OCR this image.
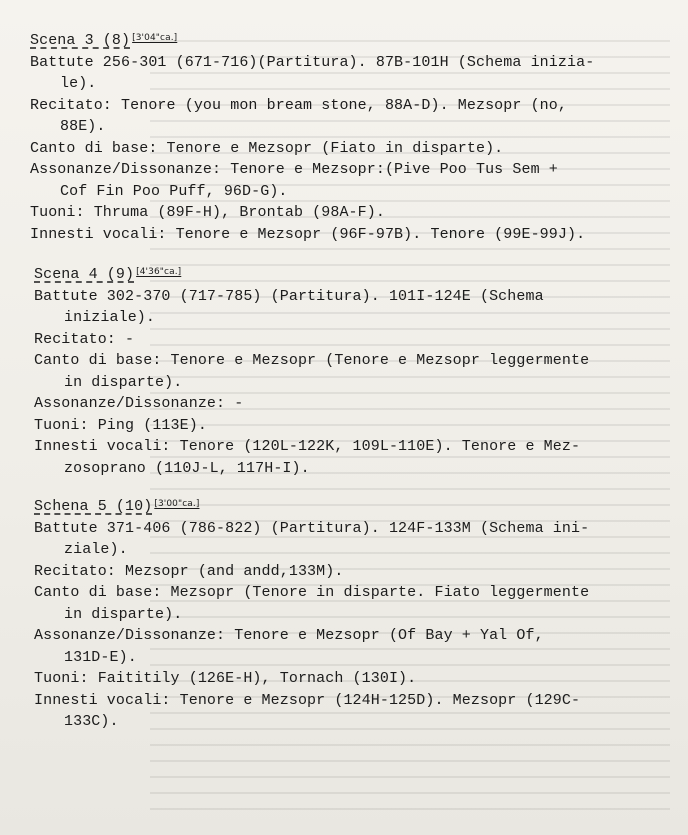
Scena 3 (8) [3'04"ca.]
Battute 256-301 (671-716)(Partitura). 87B-101H (Schema inizia-
le).
Recitato: Tenore (you mon bream stone, 88A-D). Mezsopr (no,
88E).
Canto di base: Tenore e Mezsopr (Fiato in disparte).
Assonanze/Dissonanze: Tenore e Mezsopr:(Pive Poo Tus Sem +
Cof Fin Poo Puff, 96D-G).
Tuoni: Thruma (89F-H), Brontab (98A-F).
Innesti vocali: Tenore e Mezsopr (96F-97B). Tenore (99E-99J).
Scena 4 (9) [4'36"ca.]
Battute 302-370 (717-785) (Partitura). 101I-124E (Schema
iniziale).
Recitato: -
Canto di base: Tenore e Mezsopr (Tenore e Mezsopr leggermente
in disparte).
Assonanze/Dissonanze: -
Tuoni: Ping (113E).
Innesti vocali: Tenore (120L-122K, 109L-110E). Tenore e Mez-
zosoprano (110J-L, 117H-I).
Schena 5 (10) [3'00"ca.]
Battute 371-406 (786-822) (Partitura). 124F-133M (Schema ini-
ziale).
Recitato: Mezsopr (and andd,133M).
Canto di base: Mezsopr (Tenore in disparte. Fiato leggermente
in disparte).
Assonanze/Dissonanze: Tenore e Mezsopr (Of Bay + Yal Of,
131D-E).
Tuoni: Faititily (126E-H), Tornach (130I).
Innesti vocali: Tenore e Mezsopr (124H-125D). Mezsopr (129C-
133C).
